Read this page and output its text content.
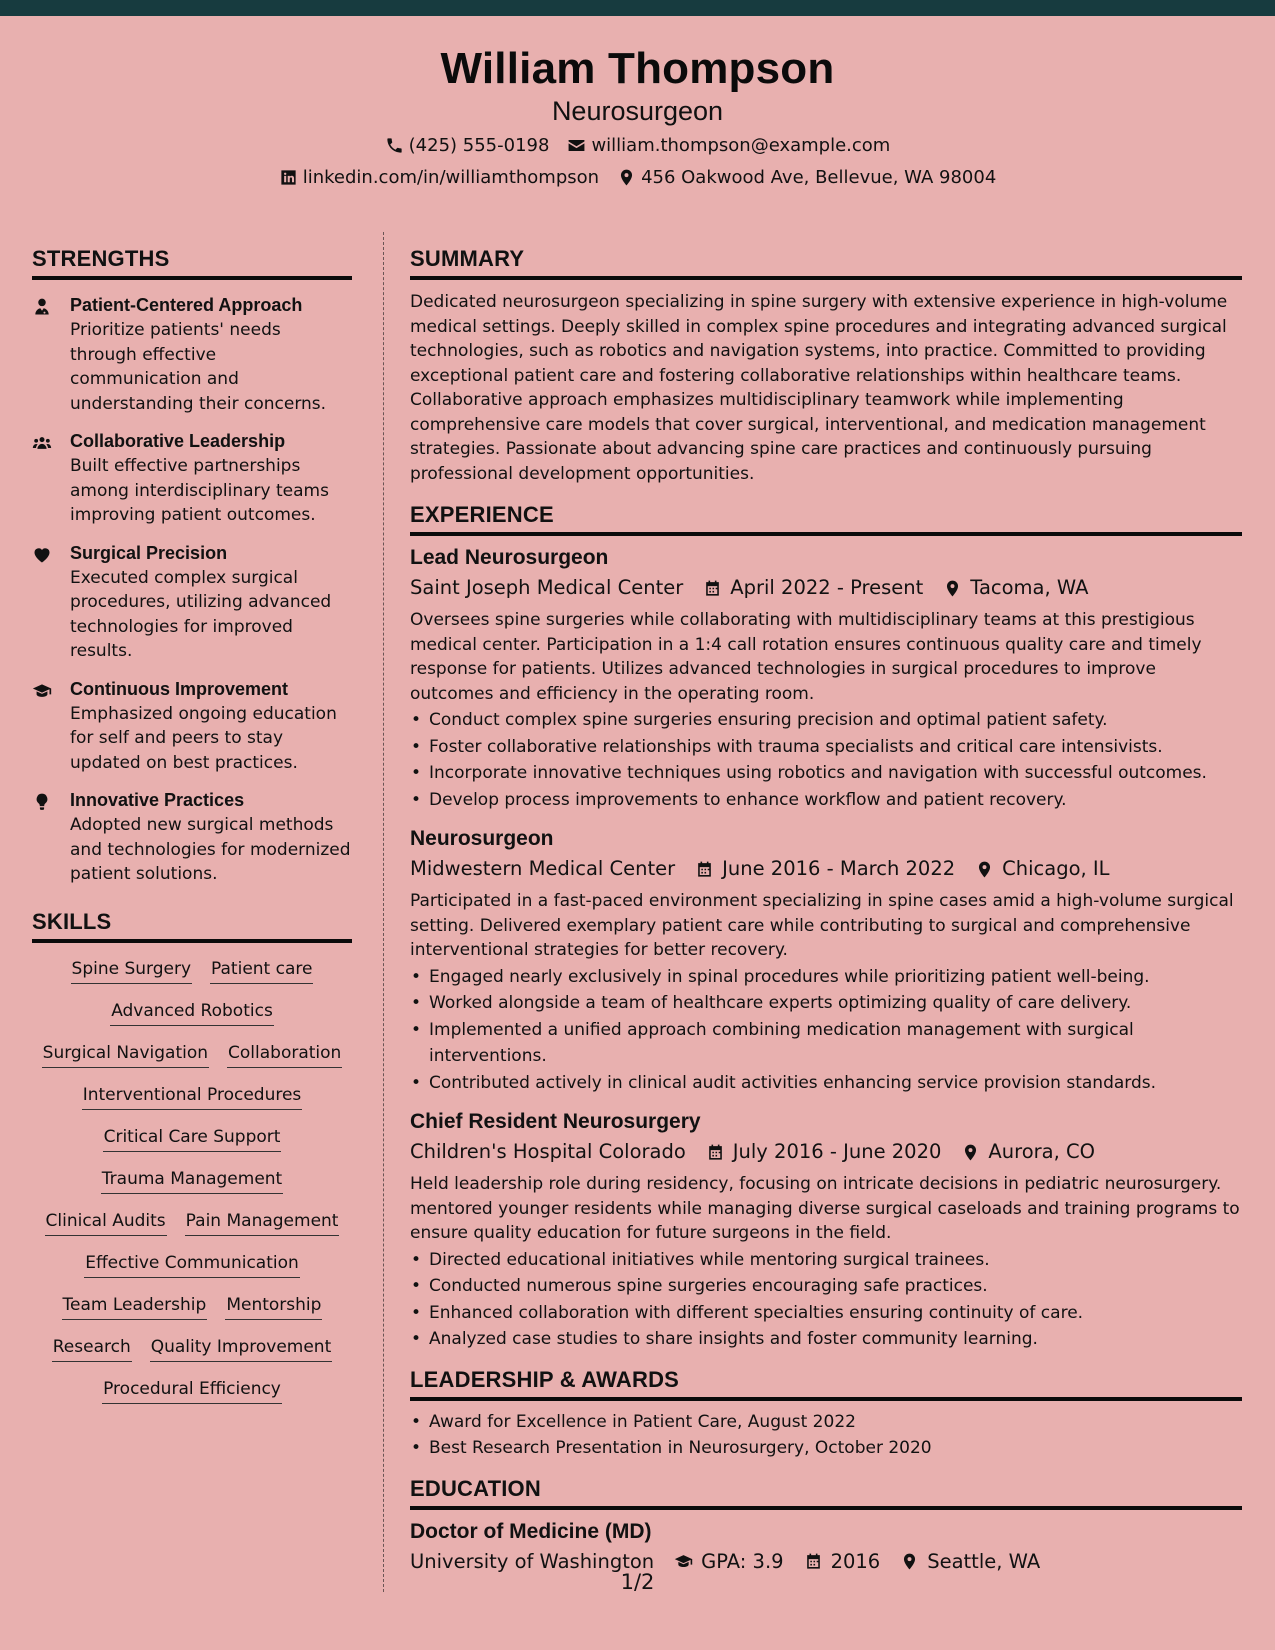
William Thompson
Neurosurgeon
(425) 555-0198 william.thompson@example.com
linkedin.com/in/williamthompson 456 Oakwood Ave, Bellevue, WA 98004
STRENGTHS
Patient-Centered Approach
Prioritize patients' needs through effective communication and understanding their concerns.
Collaborative Leadership
Built effective partnerships among interdisciplinary teams improving patient outcomes.
Surgical Precision
Executed complex surgical procedures, utilizing advanced technologies for improved results.
Continuous Improvement
Emphasized ongoing education for self and peers to stay updated on best practices.
Innovative Practices
Adopted new surgical methods and technologies for modernized patient solutions.
SKILLS
Spine Surgery Patient care
Advanced Robotics
Surgical Navigation Collaboration
Interventional Procedures
Critical Care Support
Trauma Management
Clinical Audits Pain Management
Effective Communication
Team Leadership Mentorship
Research Quality Improvement
Procedural Efficiency
SUMMARY
Dedicated neurosurgeon specializing in spine surgery with extensive experience in high-volume medical settings. Deeply skilled in complex spine procedures and integrating advanced surgical technologies, such as robotics and navigation systems, into practice. Committed to providing exceptional patient care and fostering collaborative relationships within healthcare teams. Collaborative approach emphasizes multidisciplinary teamwork while implementing comprehensive care models that cover surgical, interventional, and medication management strategies. Passionate about advancing spine care practices and continuously pursuing professional development opportunities.
EXPERIENCE
Lead Neurosurgeon
Saint Joseph Medical Center April 2022 - Present Tacoma, WA
Oversees spine surgeries while collaborating with multidisciplinary teams at this prestigious medical center. Participation in a 1:4 call rotation ensures continuous quality care and timely response for patients. Utilizes advanced technologies in surgical procedures to improve outcomes and efficiency in the operating room.
• Conduct complex spine surgeries ensuring precision and optimal patient safety.
• Foster collaborative relationships with trauma specialists and critical care intensivists.
• Incorporate innovative techniques using robotics and navigation with successful outcomes.
• Develop process improvements to enhance workflow and patient recovery.
Neurosurgeon
Midwestern Medical Center June 2016 - March 2022 Chicago, IL
Participated in a fast-paced environment specializing in spine cases amid a high-volume surgical setting. Delivered exemplary patient care while contributing to surgical and comprehensive interventional strategies for better recovery.
• Engaged nearly exclusively in spinal procedures while prioritizing patient well-being.
• Worked alongside a team of healthcare experts optimizing quality of care delivery.
• Implemented a unified approach combining medication management with surgical interventions.
• Contributed actively in clinical audit activities enhancing service provision standards.
Chief Resident Neurosurgery
Children's Hospital Colorado July 2016 - June 2020 Aurora, CO
Held leadership role during residency, focusing on intricate decisions in pediatric neurosurgery. mentored younger residents while managing diverse surgical caseloads and training programs to ensure quality education for future surgeons in the field.
• Directed educational initiatives while mentoring surgical trainees.
• Conducted numerous spine surgeries encouraging safe practices.
• Enhanced collaboration with different specialties ensuring continuity of care.
• Analyzed case studies to share insights and foster community learning.
LEADERSHIP & AWARDS
• Award for Excellence in Patient Care, August 2022
• Best Research Presentation in Neurosurgery, October 2020
EDUCATION
Doctor of Medicine (MD)
University of Washington GPA: 3.9 2016 Seattle, WA
1/2
